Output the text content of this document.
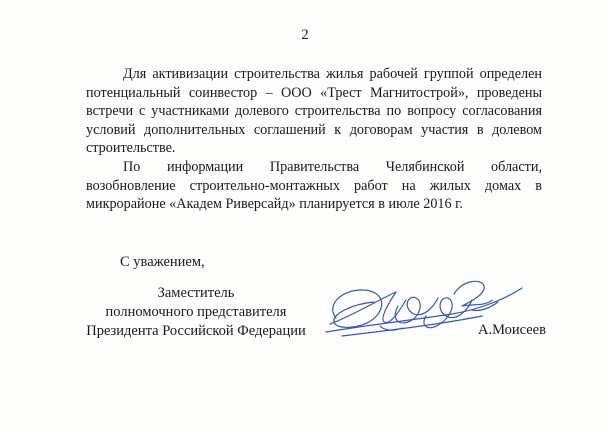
2

Для активизации строительства жилья рабочей группой определен потенциальный соинвестор – ООО «Трест Магнитострой», проведены встречи с участниками долевого строительства по вопросу согласования условий дополнительных соглашений к договорам участия в долевом строительстве.

По информации Правительства Челябинской области, возобновление строительно-монтажных работ на жилых домах в микрорайоне «Академ Риверсайд» планируется в июле 2016 г.

С уважением,
Заместитель
полномочного представителя
Президента Российской Федерации	А.Моисеев
